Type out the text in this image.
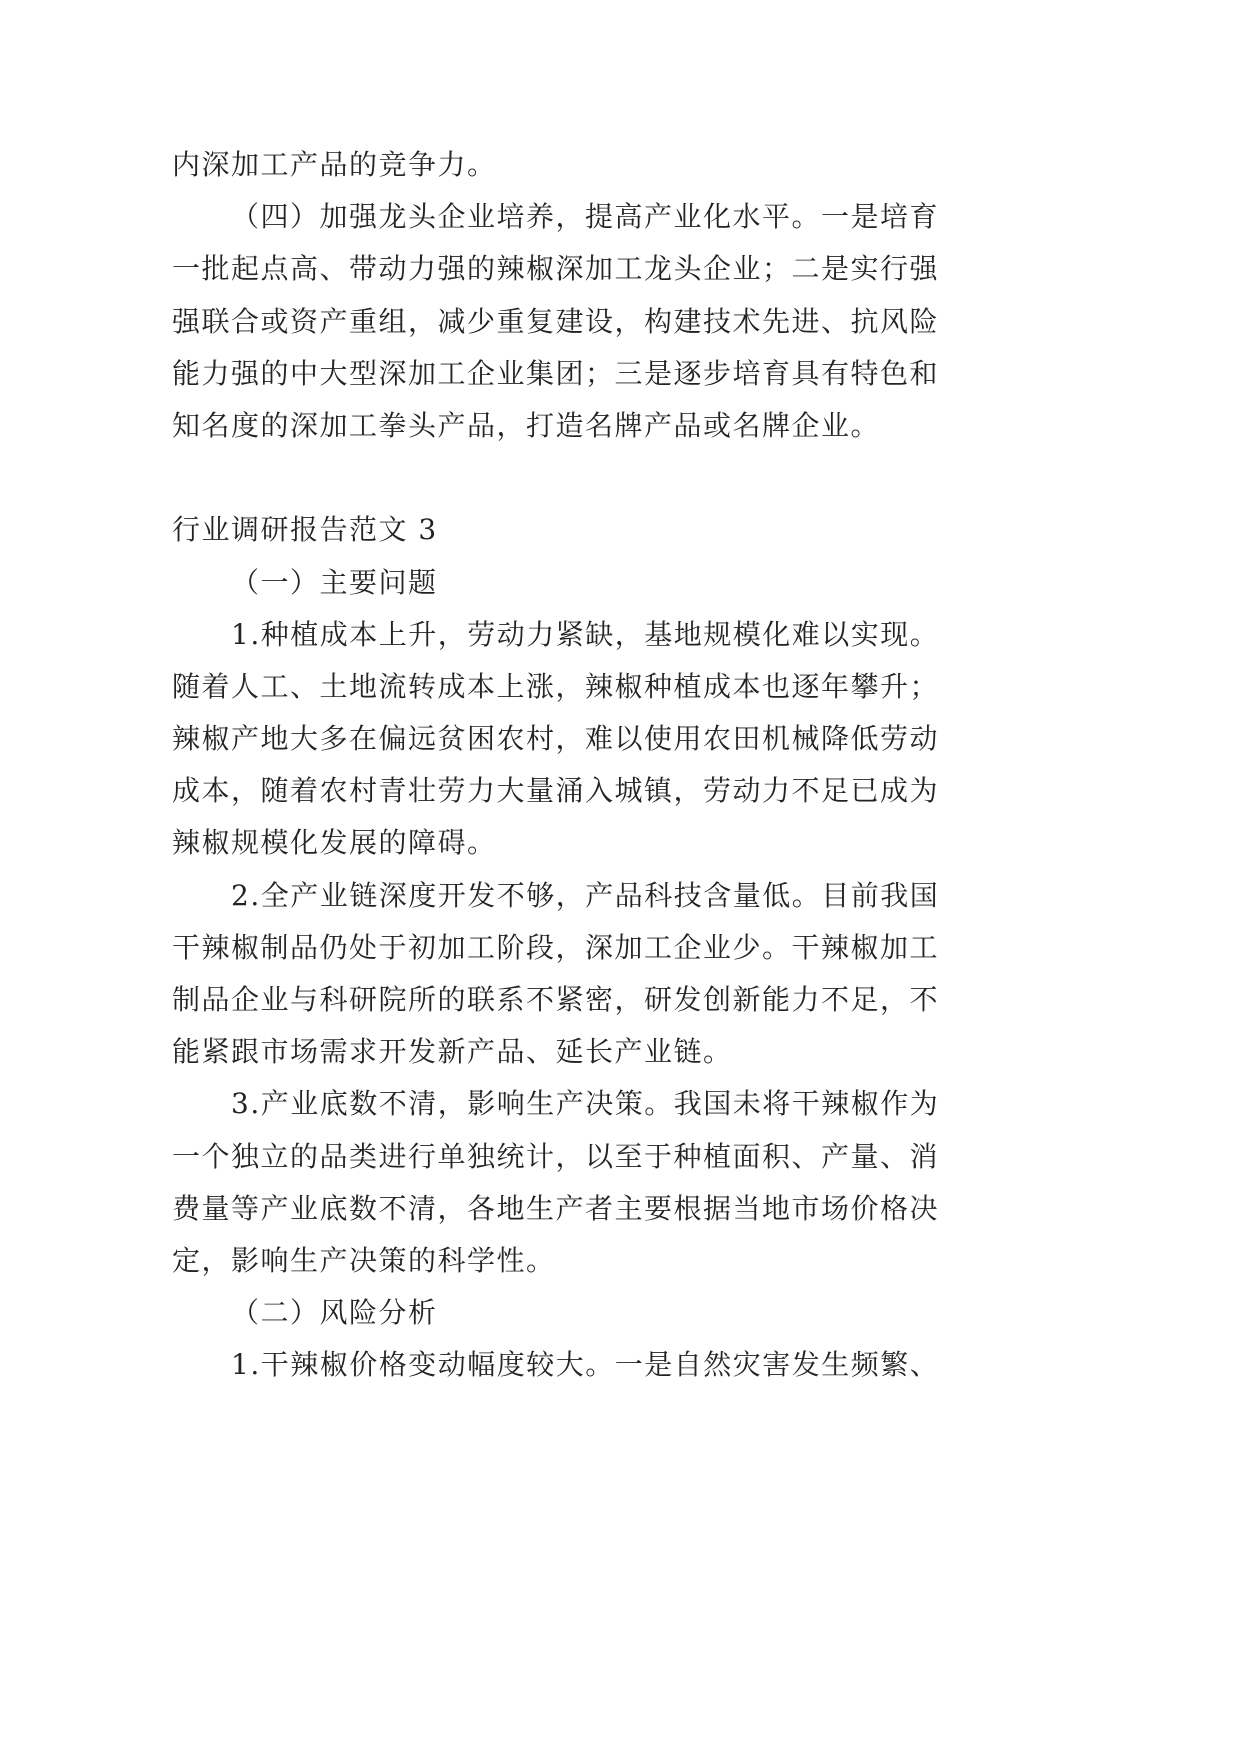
内深加工产品的竞争力。
（四）加强龙头企业培养，提高产业化水平。一是培育
一批起点高、带动力强的辣椒深加工龙头企业；二是实行强
强联合或资产重组，减少重复建设，构建技术先进、抗风险
能力强的中大型深加工企业集团；三是逐步培育具有特色和
知名度的深加工拳头产品，打造名牌产品或名牌企业。
行业调研报告范文 3
（一）主要问题
1.种植成本上升，劳动力紧缺，基地规模化难以实现。
随着人工、土地流转成本上涨，辣椒种植成本也逐年攀升；
辣椒产地大多在偏远贫困农村，难以使用农田机械降低劳动
成本，随着农村青壮劳力大量涌入城镇，劳动力不足已成为
辣椒规模化发展的障碍。
2.全产业链深度开发不够，产品科技含量低。目前我国
干辣椒制品仍处于初加工阶段，深加工企业少。干辣椒加工
制品企业与科研院所的联系不紧密，研发创新能力不足，不
能紧跟市场需求开发新产品、延长产业链。
3.产业底数不清，影响生产决策。我国未将干辣椒作为
一个独立的品类进行单独统计，以至于种植面积、产量、消
费量等产业底数不清，各地生产者主要根据当地市场价格决
定，影响生产决策的科学性。
（二）风险分析
1.干辣椒价格变动幅度较大。一是自然灾害发生频繁、
